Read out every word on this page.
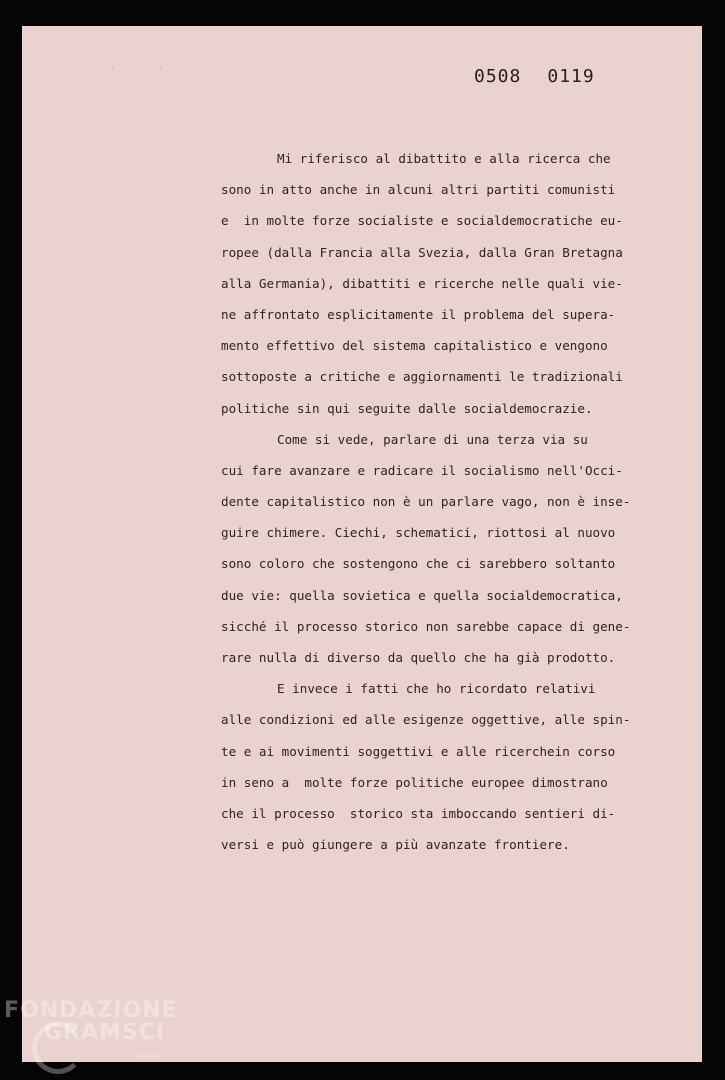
·         ·	0508 0119
Mi riferisco al dibattito e alla ricerca che
sono in atto anche in alcuni altri partiti comunisti
e  in molte forze socialiste e socialdemocratiche eu-
ropee (dalla Francia alla Svezia, dalla Gran Bretagna
alla Germania), dibattiti e ricerche nelle quali vie-
ne affrontato esplicitamente il problema del supera-
mento effettivo del sistema capitalistico e vengono
sottoposte a critiche e aggiornamenti le tradizionali
politiche sin qui seguite dalle socialdemocrazie.
Come si vede, parlare di una terza via su
cui fare avanzare e radicare il socialismo nell'Occi-
dente capitalistico non è un parlare vago, non è inse-
guire chimere. Ciechi, schematici, riottosi al nuovo
sono coloro che sostengono che ci sarebbero soltanto
due vie: quella sovietica e quella socialdemocratica,
sicché il processo storico non sarebbe capace di gene-
rare nulla di diverso da quello che ha già prodotto.
E invece i fatti che ho ricordato relativi
alle condizioni ed alle esigenze oggettive, alle spin-
te e ai movimenti soggettivi e alle ricerchein corso
in seno a  molte forze politiche europee dimostrano
che il processo  storico sta imboccando sentieri di-
versi e può giungere a più avanzate frontiere.
FONDAZIONE
GRAMSCI
onlus
